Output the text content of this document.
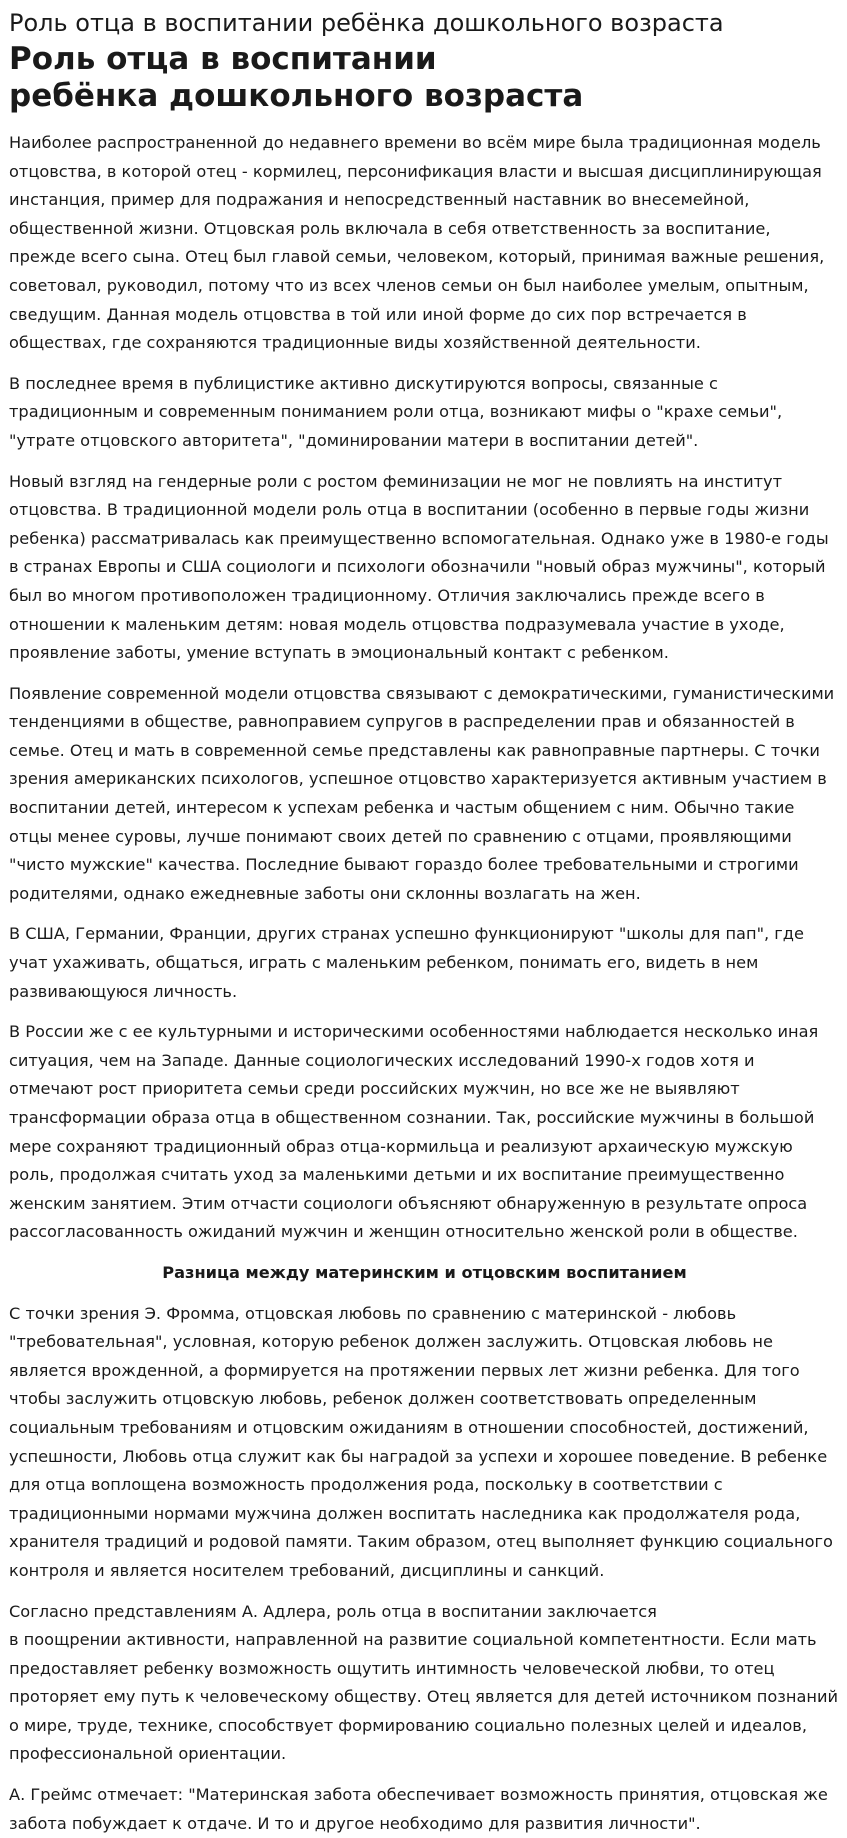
Роль отца в воспитании ребёнка дошкольного возраста
Роль отца в воспитании
ребёнка дошкольного возраста

Наиболее распространенной до недавнего времени во всём мире была традиционная модель отцовства, в которой отец - кормилец, персонификация власти и высшая дисциплинирующая инстанция, пример для подражания и непосредственный наставник во внесемейной, общественной жизни. Отцовская роль включала в себя ответственность за воспитание, прежде всего сына. Отец был главой семьи, человеком, который, принимая важные решения, советовал, руководил, потому что из всех членов семьи он был наиболее умелым, опытным, сведущим. Данная модель отцовства в той или иной форме до сих пор встречается в обществах, где сохраняются традиционные виды хозяйственной деятельности.

В последнее время в публицистике активно дискутируются вопросы, связанные с традиционным и современным пониманием роли отца, возникают мифы о "крахе семьи", "утрате отцовского авторитета", "доминировании матери в воспитании детей".

Новый взгляд на гендерные роли с ростом феминизации не мог не повлиять на институт отцовства. В традиционной модели роль отца в воспитании (особенно в первые годы жизни ребенка) рассматривалась как преимущественно вспомогательная. Однако уже в 1980-е годы в странах Европы и США социологи и психологи обозначили "новый образ мужчины", который был во многом противоположен традиционному. Отличия заключались прежде всего в отношении к маленьким детям: новая модель отцовства подразумевала участие в уходе, проявление заботы, умение вступать в эмоциональный контакт с ребенком.

Появление современной модели отцовства связывают с демократическими, гуманистическими тенденциями в обществе, равноправием супругов в распределении прав и обязанностей в семье. Отец и мать в современной семье представлены как равноправные партнеры. С точки зрения американских психологов, успешное отцовство характеризуется активным участием в воспитании детей, интересом к успехам ребенка и частым общением с ним. Обычно такие отцы менее суровы, лучше понимают своих детей по сравнению с отцами, проявляющими "чисто мужские" качества. Последние бывают гораздо более требовательными и строгими родителями, однако ежедневные заботы они склонны возлагать на жен.

В США, Германии, Франции, других странах успешно функционируют "школы для пап", где учат ухаживать, общаться, играть с маленьким ребенком, понимать его, видеть в нем развивающуюся личность.

В России же с ее культурными и историческими особенностями наблюдается несколько иная ситуация, чем на Западе. Данные социологических исследований 1990-х годов хотя и отмечают рост приоритета семьи среди российских мужчин, но все же не выявляют трансформации образа отца в общественном сознании. Так, российские мужчины в большой мере сохраняют традиционный образ отца-кормильца и реализуют архаическую мужскую роль, продолжая считать уход за маленькими детьми и их воспитание преимущественно женским занятием. Этим отчасти социологи объясняют обнаруженную в результате опроса рассогласованность ожиданий мужчин и женщин относительно женской роли в обществе.

Разница между материнским и отцовским воспитанием

С точки зрения Э. Фромма, отцовская любовь по сравнению с материнской - любовь "требовательная", условная, которую ребенок должен заслужить. Отцовская любовь не является врожденной, а формируется на протяжении первых лет жизни ребенка. Для того чтобы заслужить отцовскую любовь, ребенок должен соответствовать определенным социальным требованиям и отцовским ожиданиям в отношении способностей, достижений, успешности, Любовь отца служит как бы наградой за успехи и хорошее поведение. В ребенке для отца воплощена возможность продолжения рода, поскольку в соответствии с традиционными нормами мужчина должен воспитать наследника как продолжателя рода, хранителя традиций и родовой памяти. Таким образом, отец выполняет функцию социального контроля и является носителем требований, дисциплины и санкций.

Согласно представлениям А. Адлера, роль отца в воспитании заключается
в поощрении активности, направленной на развитие социальной компетентности. Если мать предоставляет ребенку возможность ощутить интимность человеческой любви, то отец проторяет ему путь к человеческому обществу. Отец является для детей источником познаний о мире, труде, технике, способствует формированию социально полезных целей и идеалов, профессиональной ориентации.

А. Греймс отмечает: "Материнская забота обеспечивает возможность принятия, отцовская же забота побуждает к отдаче. И то и другое необходимо для развития личности".
